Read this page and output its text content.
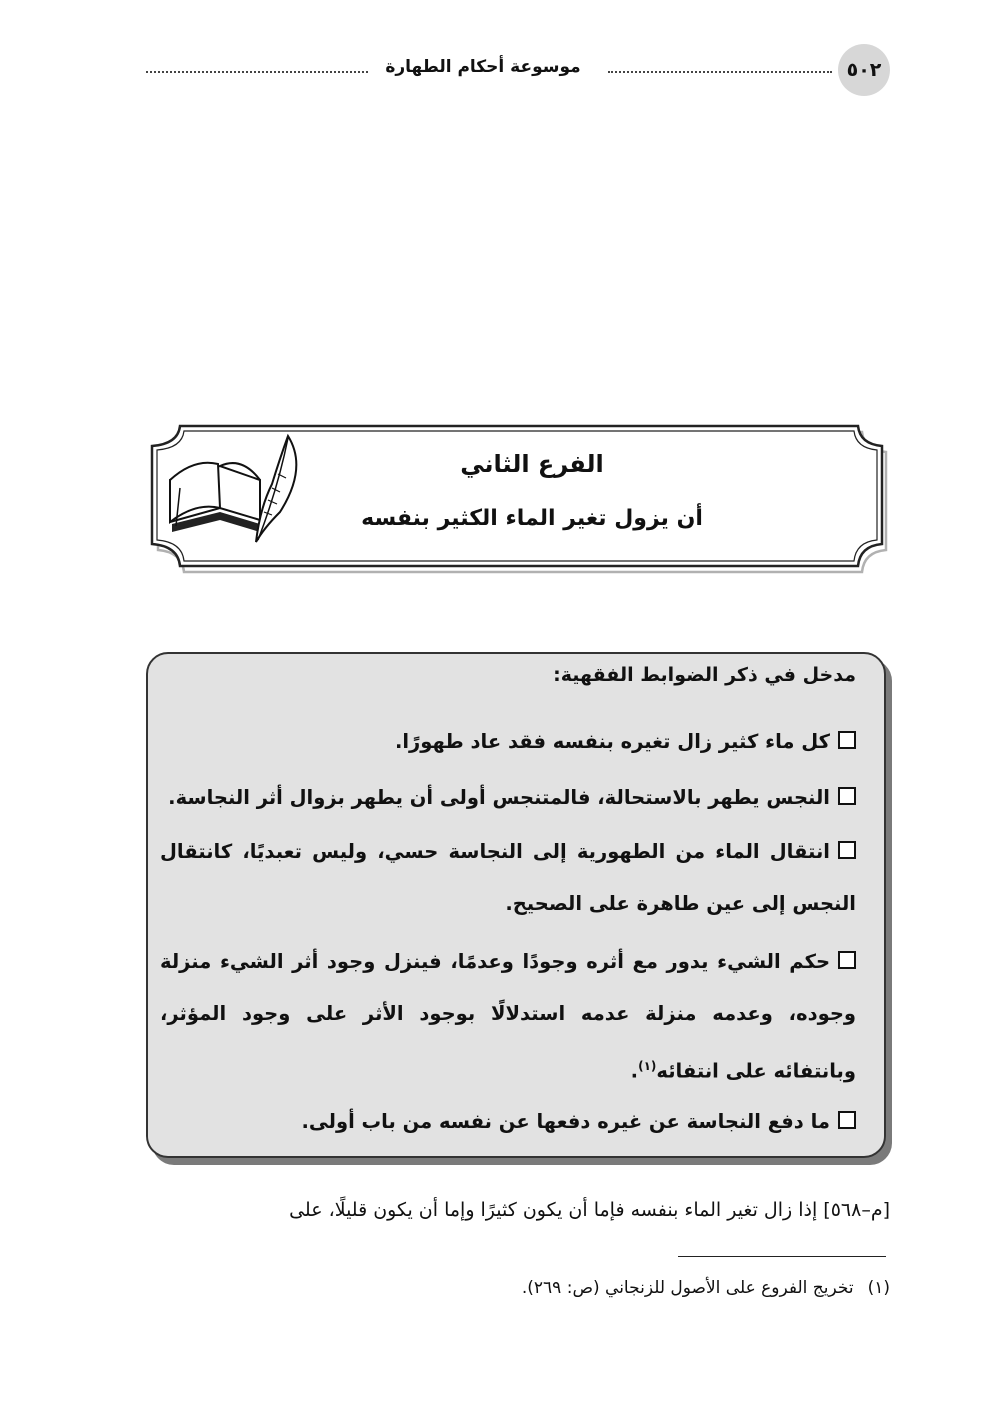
موسوعة أحكام الطهارة	٥٠٢
الفرع الثاني
أن يزول تغير الماء الكثير بنفسه
مدخل في ذكر الضوابط الفقهية:
كل ماء كثير زال تغيره بنفسه فقد عاد طهورًا.
النجس يطهر بالاستحالة، فالمتنجس أولى أن يطهر بزوال أثر النجاسة.
انتقال الماء من الطهورية إلى النجاسة حسي، وليس تعبديًا، كانتقال النجس إلى عين طاهرة على الصحيح.
حكم الشيء يدور مع أثره وجودًا وعدمًا، فينزل وجود أثر الشيء منزلة وجوده، وعدمه منزلة عدمه استدلالًا بوجود الأثر على وجود المؤثر، وبانتفائه على انتفائه$^{(١)}$.
ما دفع النجاسة عن غيره دفعها عن نفسه من باب أولى.
[م–٥٦٨] إذا زال تغير الماء بنفسه فإما أن يكون كثيرًا وإما أن يكون قليلًا، على
(١)تخريج الفروع على الأصول للزنجاني (ص: ٢٦٩).
